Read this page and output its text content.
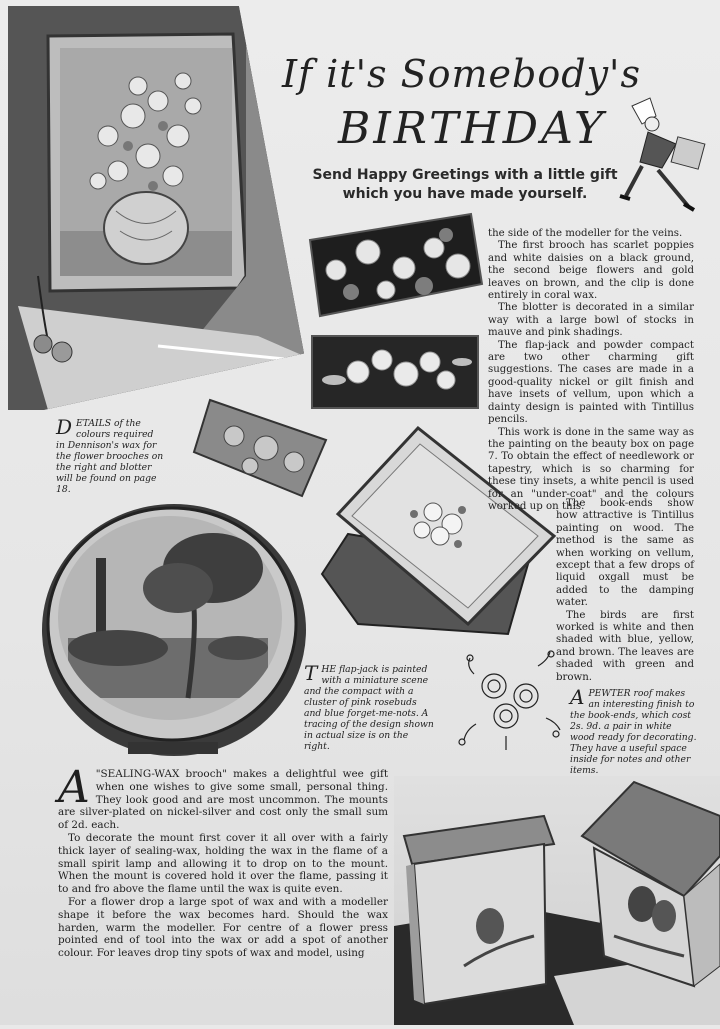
If it's Somebody's
BIRTHDAY
Send Happy Greetings with a little gift which you have made yourself.

the side of the modeller for the veins.

The first brooch has scarlet poppies and white daisies on a black ground, the second beige flowers and gold leaves on brown, and the clip is done entirely in coral wax.

The blotter is decorated in a similar way with a large bowl of stocks in mauve and pink shadings.

The flap-jack and powder compact are two other charming gift suggestions. The cases are made in a good-quality nickel or gilt finish and have insets of vellum, upon which a dainty design is painted with Tintillus pencils.

This work is done in the same way as the painting on the beauty box on page 7. To obtain the effect of needlework or tapestry, which is so charming for these tiny insets, a white pencil is used for an "under-coat" and the colours worked up on this.

The book-ends show how attractive is Tintillus painting on wood. The method is the same as when working on vellum, except that a few drops of liquid oxgall must be added to the damping water.

The birds are first worked is white and then shaded with blue, yellow, and brown. The leaves are shaded with green and brown.

DETAILS of the colours required in Dennison's wax for the flower brooches on the right and blotter will be found on page 18.
THE flap-jack is painted with a miniature scene and the compact with a cluster of pink rosebuds and blue forget-me-nots. A tracing of the design shown in actual size is on the right.
APEWTER roof makes an interesting finish to the book-ends, which cost 2s. 9d. a pair in white wood ready for decorating. They have a useful space inside for notes and other items.
A "SEALING-WAX brooch" makes a delightful wee gift when one wishes to give some small, personal thing. They look good and are most uncommon. The mounts are silver-plated on nickel-silver and cost only the small sum of 2d. each.

To decorate the mount first cover it all over with a fairly thick layer of sealing-wax, holding the wax in the flame of a small spirit lamp and allowing it to drop on to the mount. When the mount is covered hold it over the flame, passing it to and fro above the flame until the wax is quite even.

For a flower drop a large spot of wax and with a modeller shape it before the wax becomes hard. Should the wax harden, warm the modeller. For centre of a flower press pointed end of tool into the wax or add a spot of another colour. For leaves drop tiny spots of wax and model, using
